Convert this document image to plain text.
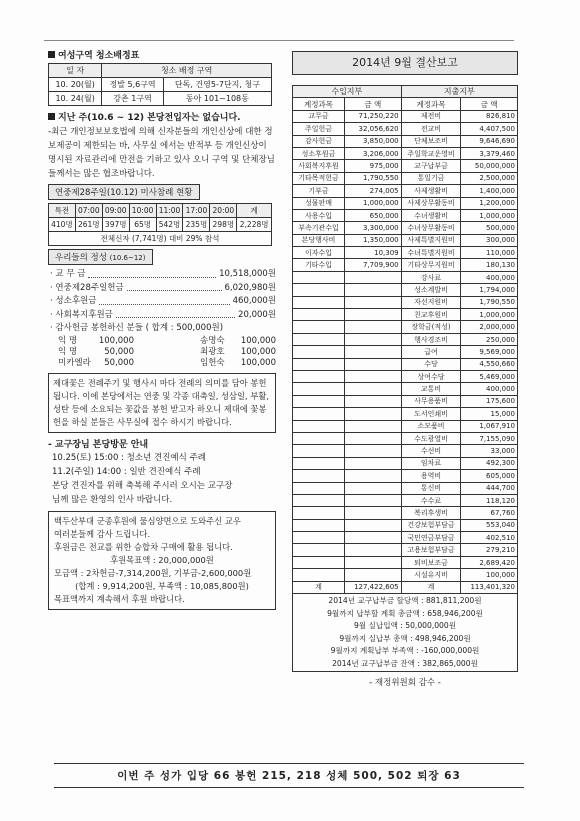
여성구역 청소배정표
일 자	청소 배정 구역	
10. 20(월)	정발 5,6구역	단독, 건영5-7단지, 청구
10. 24(월)	강촌 1구역	동아 101~108동
지난 주(10.6 ~ 12) 본당전입자는 없습니다.

-최근 개인정보보호법에 의해 신자분들의 개인신상에 대한 정보제공이 제한되는 바, 사무실 에서는 반적부 등 개인신상이 명시된 자료관리에 만전을 기하고 있사 오니 구역 및 단체장님들께서는 많은 협조바랍니다.

연중제28주일(10.12) 미사참례 현황
특전	07:00	09:00	10:00	11:00	17:00	20:00	계
410명	261명	397명	65명	542명	235명	298명	2,228명
전체신자 (7,741명) 대비 29% 참석							
우리들의 정성 (10.6~12)
· 교 무 금	10,518,000원
· 연중제28주일헌금	6,020,980원
· 성소후원금	460,000원
· 사회복지후원금	20,000원
· 감사헌금 봉헌하신 분들 ( 합계 : 500,000원)
익 명	100,000	송명숙	100,000
익 명	50,000	최광호	100,000
미카엘라	50,000	임헌숙	100,000
제대꽃은 전례주기 및 행사시 마다 전례의 의미를 담아 봉헌 됩니다. 이에 본당에서는 연중 및 각종 대축일, 성삼일, 부활, 성탄 등에 소요되는 꽃값을 봉헌 받고자 하오니 제대에 꽃봉헌을 하실 분들은 사무실에 접수 하시기 바랍니다.
- 교구장님 본당방문 안내
10.25(토) 15:00 : 청소년 견진예식 주례
11.2(주일) 14:00 : 일반 견진예식 주례
본당 견진자를 위해 축복해 주시러 오시는 교구장
님께 많은 환영의 인사 바랍니다.
백두산부대 군종후원에 물심양면으로 도와주신 교우
여러분들께 감사 드립니다.
후원금은 전교를 위한 승합차 구매에 활용 됩니다.
후원목표액 : 20,000,000원
모금액 : 2차헌금-7,314,200원, 기부금-2,600,000원
(합계 : 9,914,200원, 부족액 : 10,085,800원)
목표액까지 계속해서 후원 바랍니다.
2014년 9월 결산보고
수입지부		지출지부	
계정과목	금 액	계정과목	금 액
교무금	71,250,220	제전비	826,810
주일헌금	32,056,620	전교비	4,407,500
감사헌금	3,850,000	단체보조비	9,646,690
성소후원금	3,206,000	주일학교운영비	3,379,460
사회복지후원	975,000	교구납부금	50,000,000
기타목적헌금	1,790,550	통일기금	2,500,000
기부금	274,005	사제생활비	1,400,000
성물판매	1,000,000	사제상무활동비	1,200,000
사용수입	650,000	수녀생활비	1,000,000
부속기관수입	3,300,000	수녀상무활동비	500,000
본당행사비	1,350,000	사제특별지원비	300,000
이자수입	10,309	수녀특별지원비	110,000
기타수입	7,709,900	기타상무지원비	180,130
		강사료	400,000
		성소계발비	1,794,000
		자선지원비	1,790,550
		친교후원비	1,000,000
		장학금(적성)	2,000,000
		행사경조비	250,000
		급여	9,569,000
		수당	4,550,660
		상여수당	5,469,000
		교통비	400,000
		사무용품비	175,600
		도서인쇄비	15,000
		소모품비	1,067,910
		수도광열비	7,155,090
		수선비	33,000
		임차료	492,300
		용역비	605,000
		통신비	444,700
		수수료	118,120
		복리후생비	67,760
		건강보험부담금	553,040
		국민연금부담금	402,510
		고용보험부담금	279,210
		퇴비보조금	2,689,420
		시설유지비	100,000
계	127,422,605	계	113,401,320
2014년 교구납부금 할당액 : 881,811,200원
9월까지 납부할 계획 총금액 : 658,946,200원
9월 실납입액 : 50,000,000원
9월까지 실납부 총액 : 498,946,200원
9월까지 계획납부 부족액 : -160,000,000원
2014년 교구납부금 잔액 : 382,865,000원
- 재정위원회 감수 -
이번 주 성가 입당 66 봉헌 215, 218 성체 500, 502 퇴장 63
